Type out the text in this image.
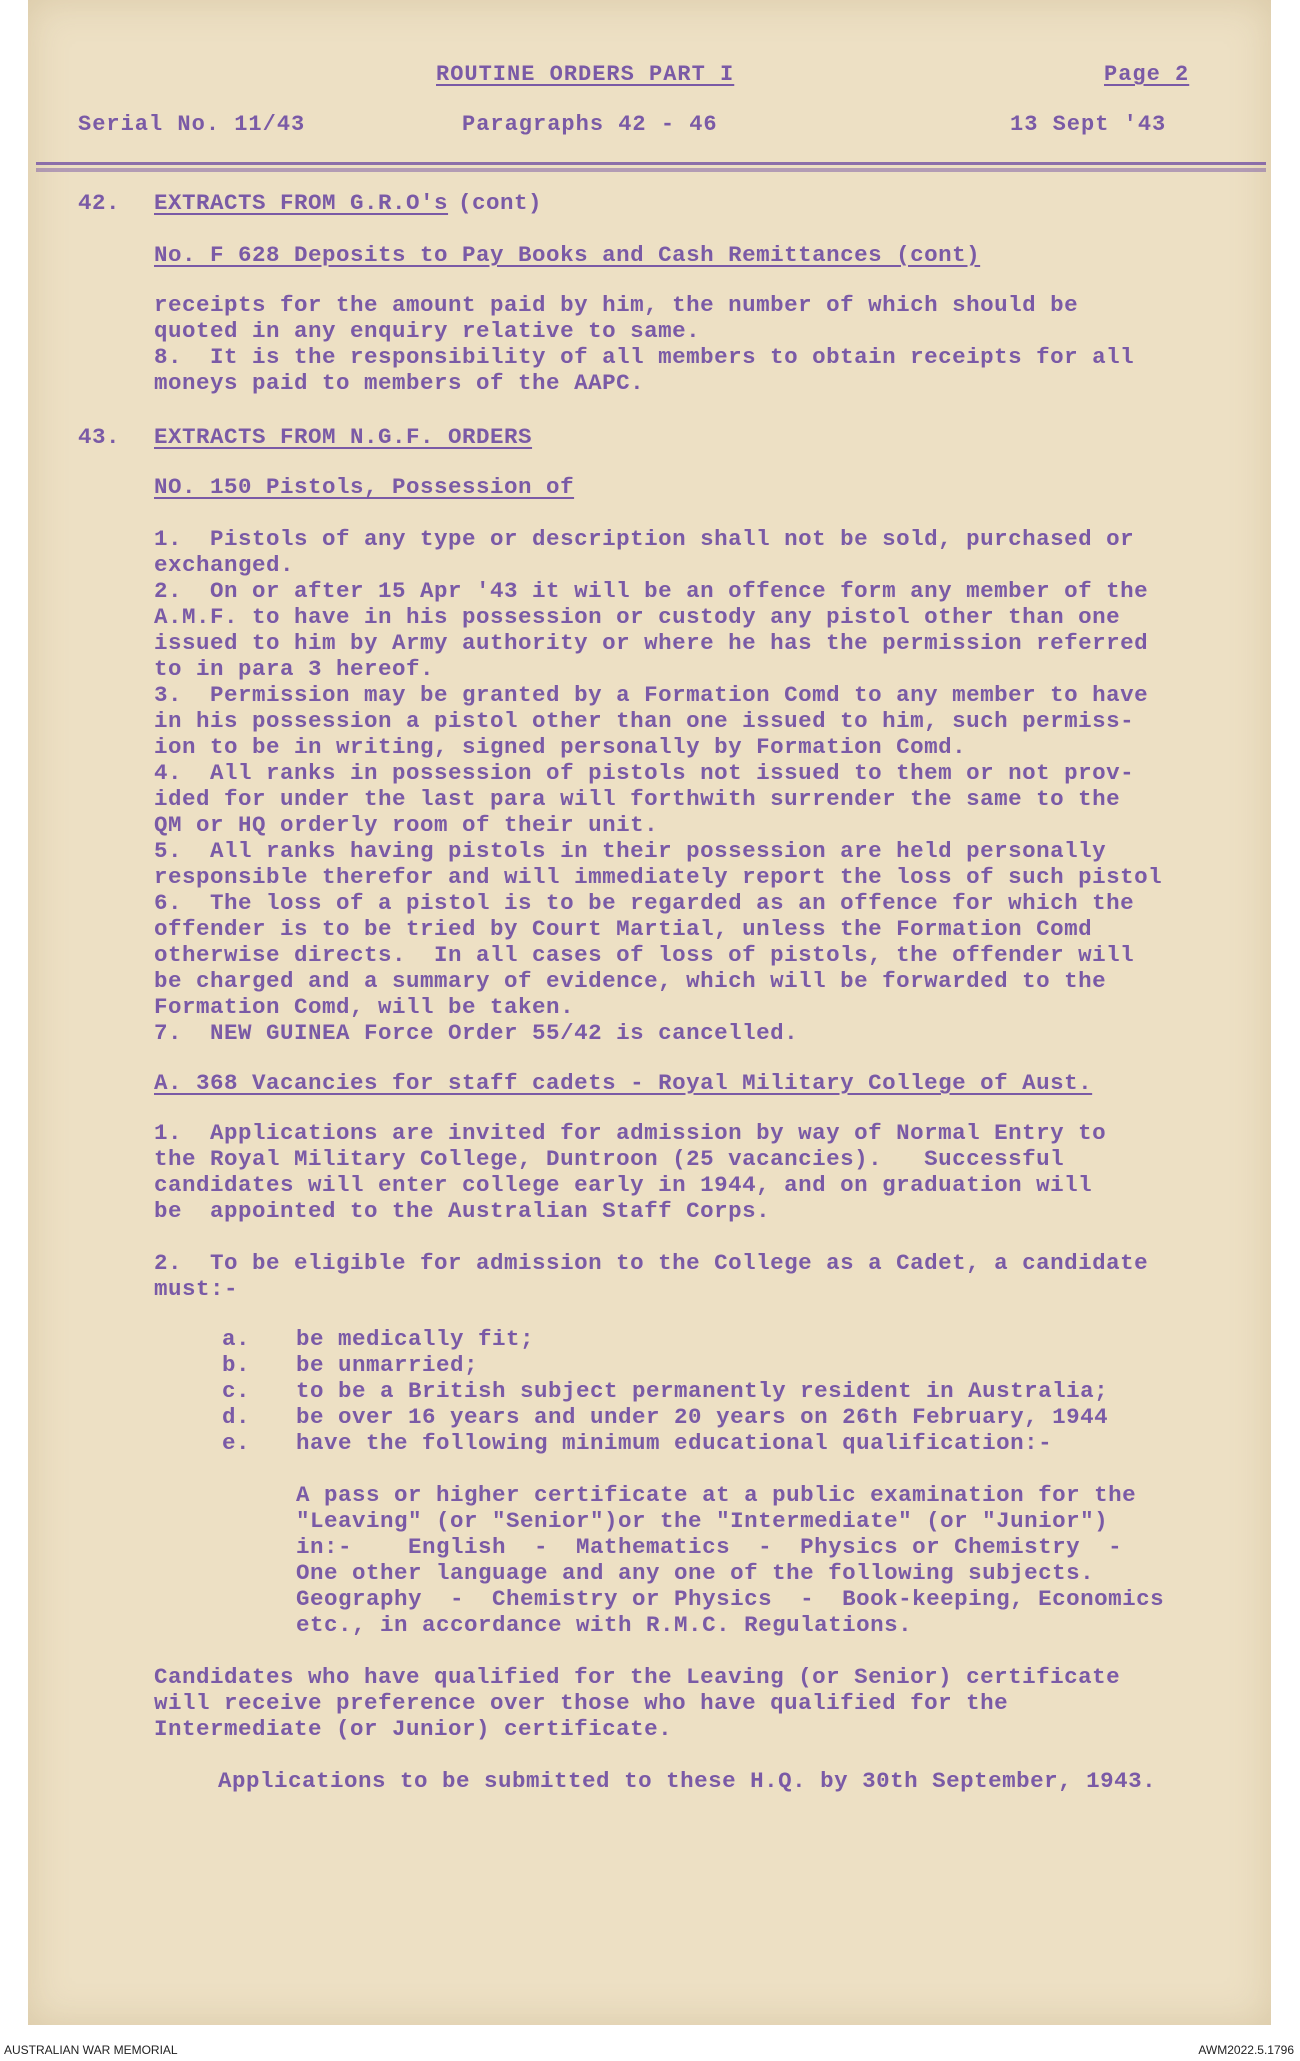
ROUTINE ORDERS PART I	Page 2
Serial No. 11/43	Paragraphs 42 - 46	13 Sept '43
42. EXTRACTS FROM G.R.O's (cont)
No. F 628 Deposits to Pay Books and Cash Remittances (cont)
receipts for the amount paid by him, the number of which should be
quoted in any enquiry relative to same.
8.  It is the responsibility of all members to obtain receipts for all
moneys paid to members of the AAPC.
43. EXTRACTS FROM N.G.F. ORDERS
NO. 150 Pistols, Possession of
1.  Pistols of any type or description shall not be sold, purchased or
exchanged.
2.  On or after 15 Apr '43 it will be an offence form any member of the
A.M.F. to have in his possession or custody any pistol other than one
issued to him by Army authority or where he has the permission referred
to in para 3 hereof.
3.  Permission may be granted by a Formation Comd to any member to have
in his possession a pistol other than one issued to him, such permiss-
ion to be in writing, signed personally by Formation Comd.
4.  All ranks in possession of pistols not issued to them or not prov-
ided for under the last para will forthwith surrender the same to the
QM or HQ orderly room of their unit.
5.  All ranks having pistols in their possession are held personally
responsible therefor and will immediately report the loss of such pistol
6.  The loss of a pistol is to be regarded as an offence for which the
offender is to be tried by Court Martial, unless the Formation Comd
otherwise directs.  In all cases of loss of pistols, the offender will
be charged and a summary of evidence, which will be forwarded to the
Formation Comd, will be taken.
7.  NEW GUINEA Force Order 55/42 is cancelled.
A. 368 Vacancies for staff cadets - Royal Military College of Aust.
1.  Applications are invited for admission by way of Normal Entry to
the Royal Military College, Duntroon (25 vacancies).   Successful
candidates will enter college early in 1944, and on graduation will
be  appointed to the Australian Staff Corps.
2.  To be eligible for admission to the College as a Cadet, a candidate
must:-
a. be medically fit;
b. be unmarried;
c. to be a British subject permanently resident in Australia;
d. be over 16 years and under 20 years on 26th February, 1944
e. have the following minimum educational qualification:-
A pass or higher certificate at a public examination for the
"Leaving" (or "Senior")or the "Intermediate" (or "Junior")
in:-    English  -  Mathematics  -  Physics or Chemistry  -
One other language and any one of the following subjects.
Geography  -  Chemistry or Physics  -  Book-keeping, Economics
etc., in accordance with R.M.C. Regulations.
Candidates who have qualified for the Leaving (or Senior) certificate
will receive preference over those who have qualified for the
Intermediate (or Junior) certificate.
Applications to be submitted to these H.Q. by 30th September, 1943.
AUSTRALIAN WAR MEMORIAL	AWM2022.5.1796
